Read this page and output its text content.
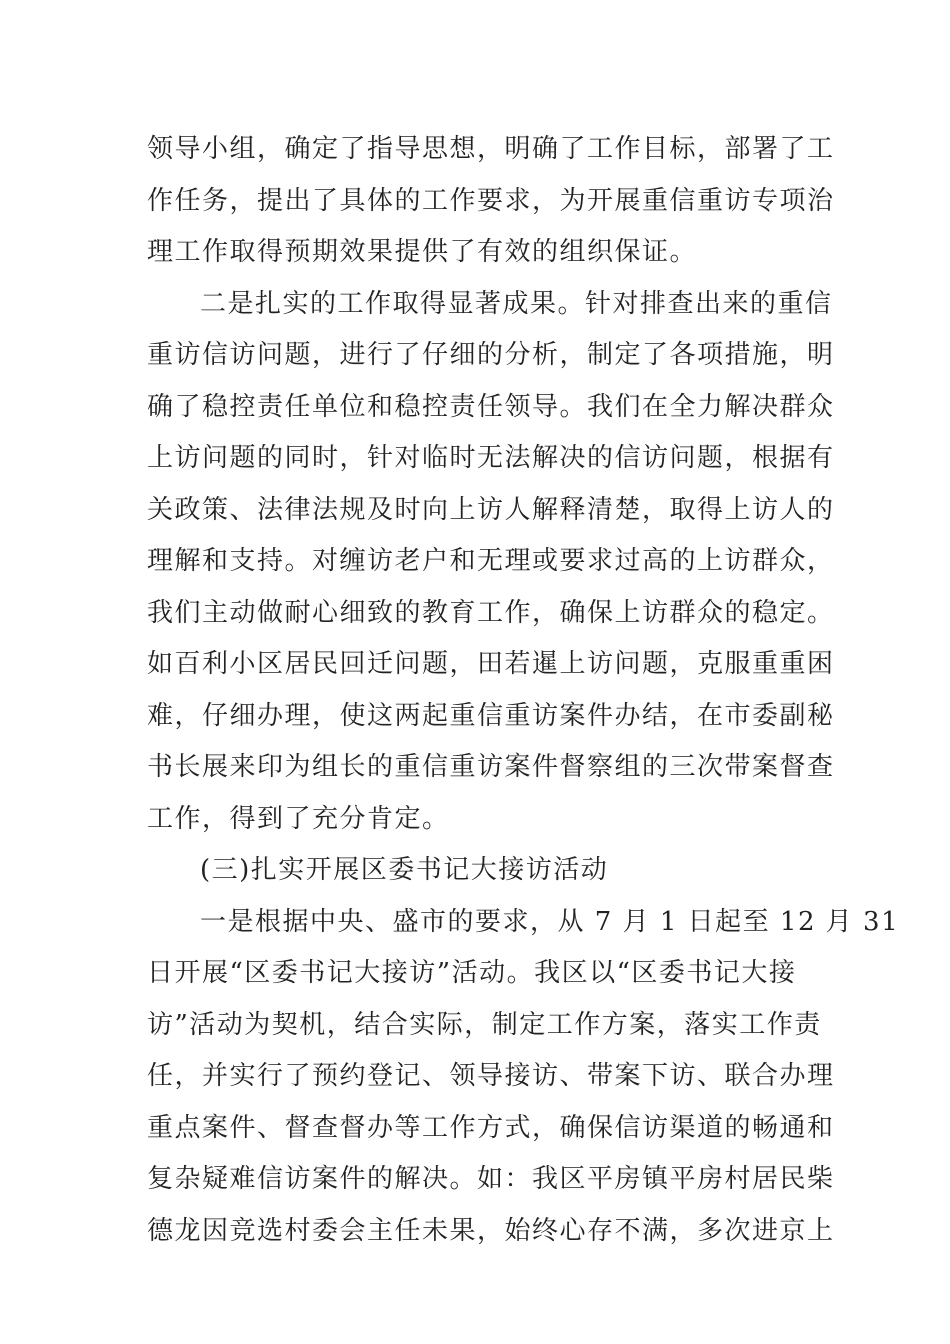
领导小组，确定了指导思想，明确了工作目标，部署了工
作任务，提出了具体的工作要求，为开展重信重访专项治
理工作取得预期效果提供了有效的组织保证。
二是扎实的工作取得显著成果。针对排查出来的重信
重访信访问题，进行了仔细的分析，制定了各项措施，明
确了稳控责任单位和稳控责任领导。我们在全力解决群众
上访问题的同时，针对临时无法解决的信访问题，根据有
关政策、法律法规及时向上访人解释清楚，取得上访人的
理解和支持。对缠访老户和无理或要求过高的上访群众，
我们主动做耐心细致的教育工作，确保上访群众的稳定。
如百利小区居民回迁问题，田若暹上访问题，克服重重困
难，仔细办理，使这两起重信重访案件办结，在市委副秘
书长展来印为组长的重信重访案件督察组的三次带案督查
工作，得到了充分肯定。
(三)扎实开展区委书记大接访活动
一是根据中央、盛市的要求，从 7 月 1 日起至 12 月 31
日开展“区委书记大接访”活动。我区以“区委书记大接
访”活动为契机，结合实际，制定工作方案，落实工作责
任，并实行了预约登记、领导接访、带案下访、联合办理
重点案件、督查督办等工作方式，确保信访渠道的畅通和
复杂疑难信访案件的解决。如：我区平房镇平房村居民柴
德龙因竞选村委会主任未果，始终心存不满，多次进京上
